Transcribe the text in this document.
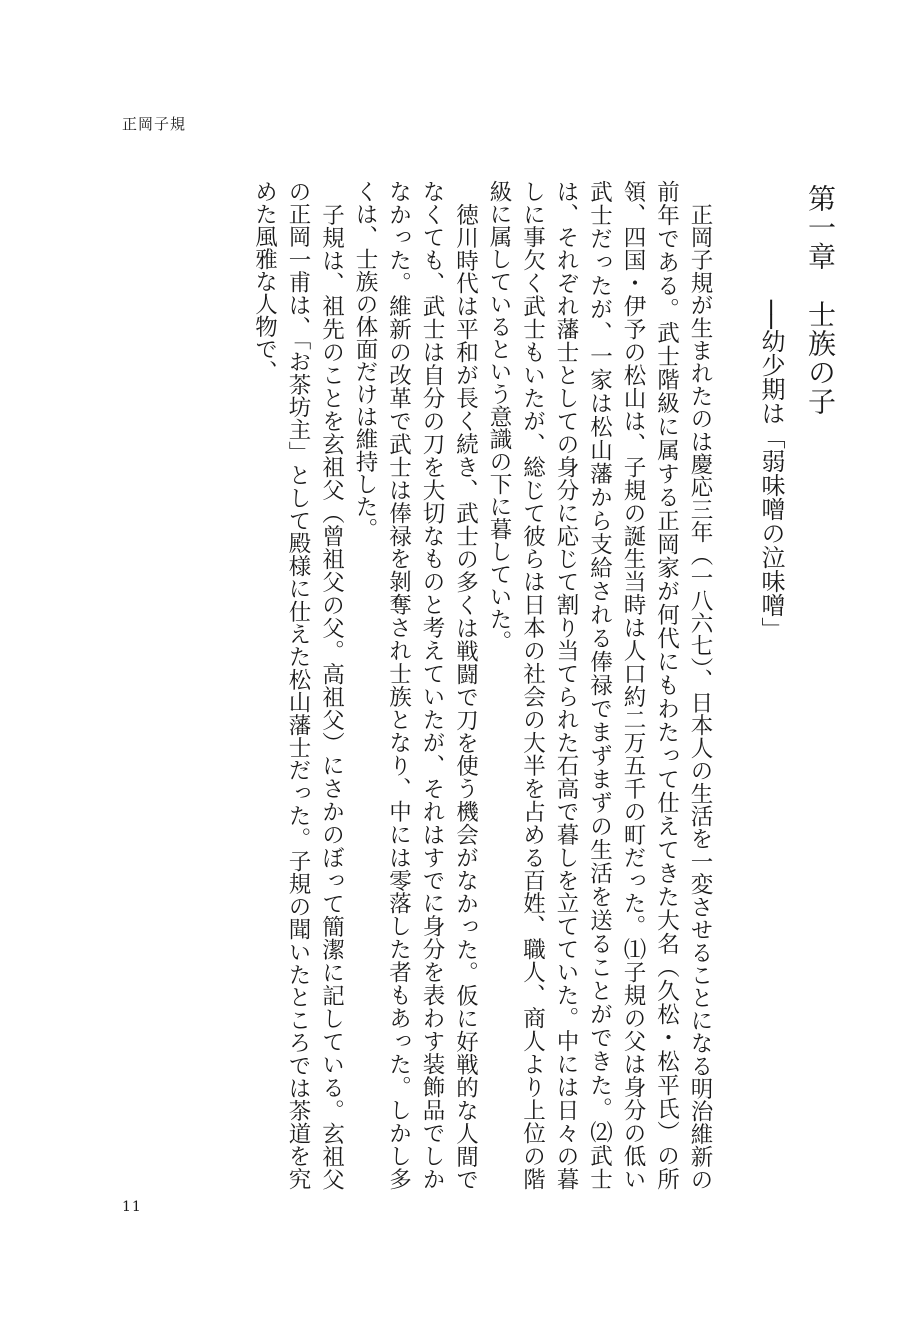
正岡子規

第一章　士族の子

──幼少期は「弱味噌の泣味噌」

正岡子規が生まれたのは慶応三年（一八六七）、日本人の生活を一変させることになる明治維新の前年である。武士階級に属する正岡家が何代にもわたって仕えてきた大名（久松・松平氏）の所領、四国・伊予の松山は、子規の誕生当時は人口約二万五千の町だった。⑴子規の父は身分の低い武士だったが、一家は松山藩から支給される俸禄でまずまずの生活を送ることができた。⑵武士は、それぞれ藩士としての身分に応じて割り当てられた石高で暮しを立てていた。中には日々の暮しに事欠く武士もいたが、総じて彼らは日本の社会の大半を占める百姓、職人、商人より上位の階級に属しているという意識の下に暮していた。

徳川時代は平和が長く続き、武士の多くは戦闘で刀を使う機会がなかった。仮に好戦的な人間でなくても、武士は自分の刀を大切なものと考えていたが、それはすでに身分を表わす装飾品でしかなかった。維新の改革で武士は俸禄を剝奪され士族となり、中には零落した者もあった。しかし多くは、士族の体面だけは維持した。

子規は、祖先のことを玄祖父（曾祖父の父。高祖父）にさかのぼって簡潔に記している。玄祖父の正岡一甫は、「お茶坊主」として殿様に仕えた松山藩士だった。子規の聞いたところでは茶道を究めた風雅な人物で、

11
